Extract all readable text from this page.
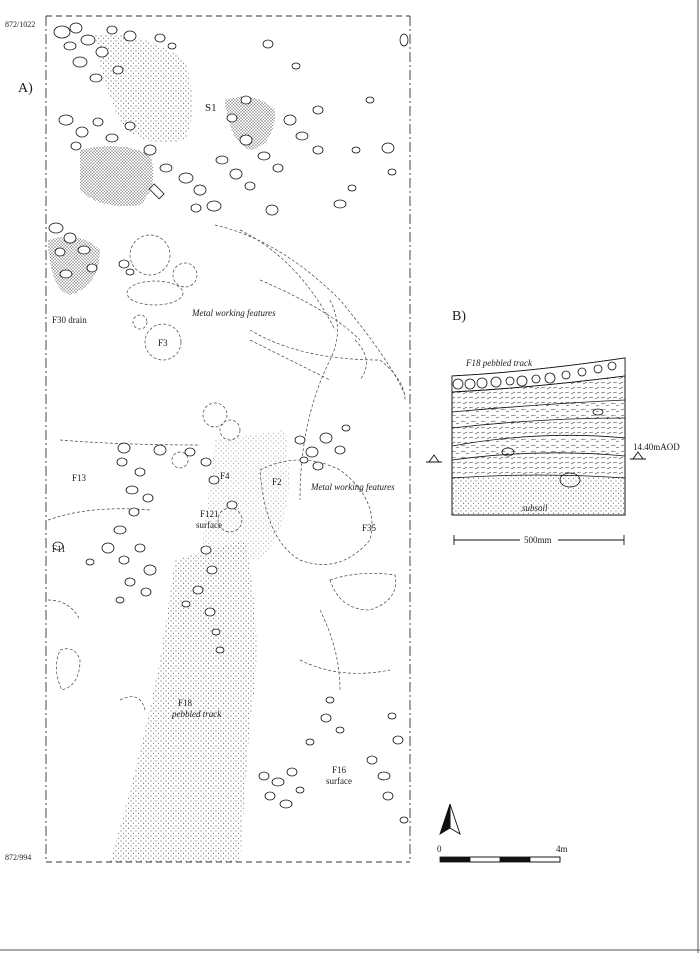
872/1022
A)
S1
F30 drain
Metal working features
F3
F13	F4
F2	Metal working features
F121
surface	F35
F11
F18
pebbled track
F16
surface
872/994
0	4m
B)
F18 pebbled track
14.40mAOD
subsoil
500mm
